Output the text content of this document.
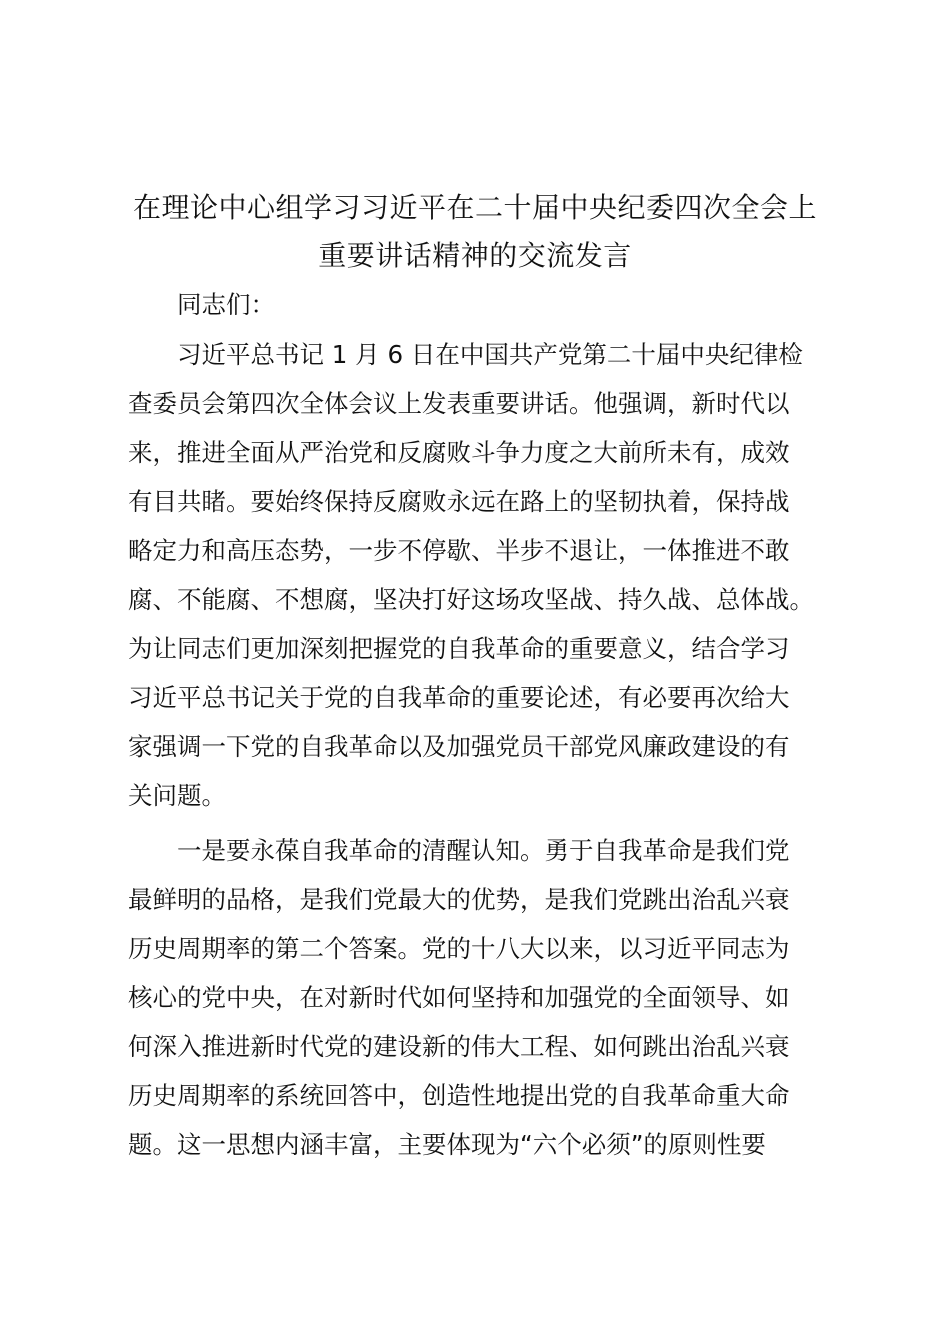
在理论中心组学习习近平在二十届中央纪委四次全会上
重要讲话精神的交流发言
　　同志们：
　　习近平总书记 1 月 6 日在中国共产党第二十届中央纪律检
查委员会第四次全体会议上发表重要讲话。他强调，新时代以
来，推进全面从严治党和反腐败斗争力度之大前所未有，成效
有目共睹。要始终保持反腐败永远在路上的坚韧执着，保持战
略定力和高压态势，一步不停歇、半步不退让，一体推进不敢
腐、不能腐、不想腐，坚决打好这场攻坚战、持久战、总体战。
为让同志们更加深刻把握党的自我革命的重要意义，结合学习
习近平总书记关于党的自我革命的重要论述，有必要再次给大
家强调一下党的自我革命以及加强党员干部党风廉政建设的有
关问题。
　　一是要永葆自我革命的清醒认知。勇于自我革命是我们党
最鲜明的品格，是我们党最大的优势，是我们党跳出治乱兴衰
历史周期率的第二个答案。党的十八大以来，以习近平同志为
核心的党中央，在对新时代如何坚持和加强党的全面领导、如
何深入推进新时代党的建设新的伟大工程、如何跳出治乱兴衰
历史周期率的系统回答中，创造性地提出党的自我革命重大命
题。这一思想内涵丰富，主要体现为“六个必须”的原则性要
